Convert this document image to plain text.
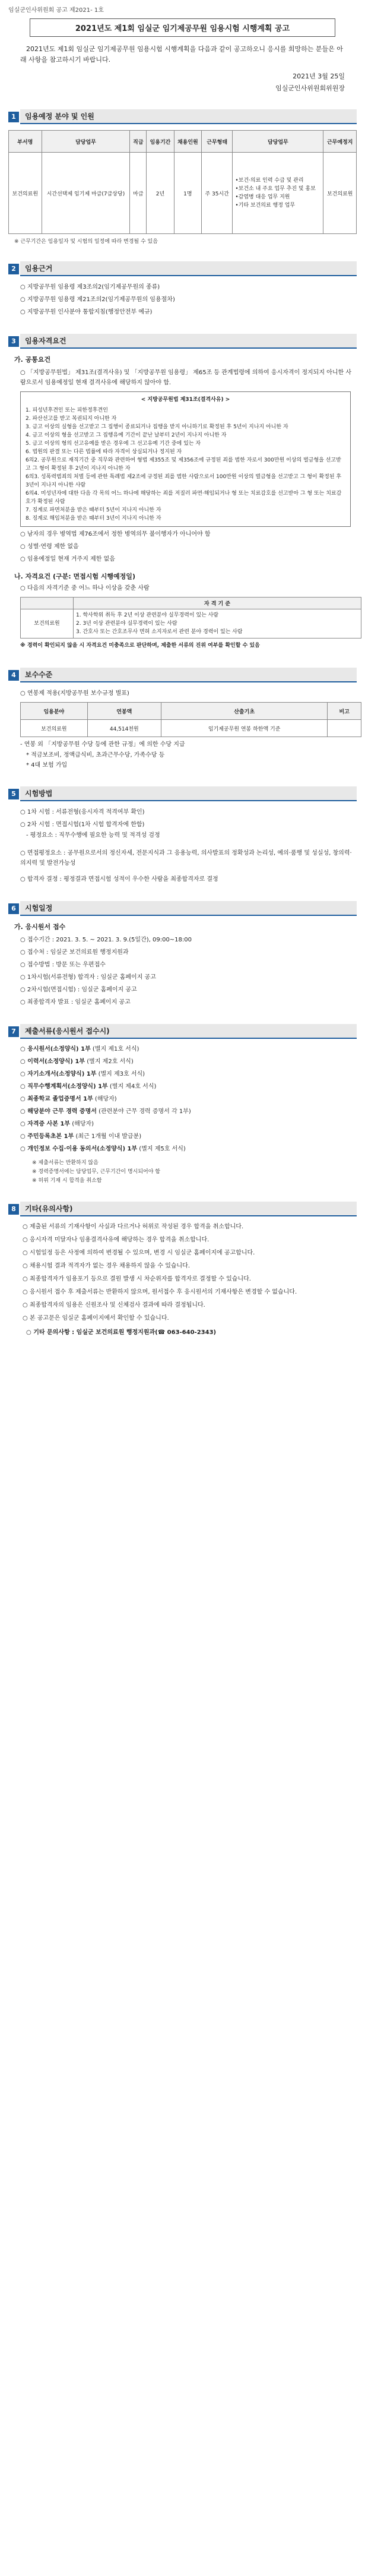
임실군인사위원회 공고 제2021- 1호
2021년도 제1회 임실군 임기제공무원 임용시험 시행계획 공고
2021년도 제1회 임실군 임기제공무원 임용시험 시행계획을 다음과 같이 공고하오니 응시를 희망하는 분들은 아래 사항을 참고하시기 바랍니다.
2021년 3월 25일
임실군인사위원회위원장
1	임용예정 분야 및 인원
부서명	담당업무	직급	임용기간	채용인원	근무형태	담당업무	근무예정지
보건의료원	시간선택제 임기제 마급(7급상당)	마급	2년	1명	주 35시간	•보건·의료 인력 수급 및 관리
•보건소 내 주요 업무 추진 및 홍보
•감염병 대응 업무 지원
•기타 보건의료 행정 업무	보건의료원
※ 근무기간은 임용일자 및 시험의 일정에 따라 변경될 수 있음
2	임용근거
○ 지방공무원 임용령 제3조의2(임기제공무원의 종류)
○ 지방공무원 임용령 제21조의2(임기제공무원의 임용절차)
○ 지방공무원 인사분야 통합지침(행정안전부 예규)
3	임용자격요건
가. 공통요건
○ 「지방공무원법」 제31조(결격사유) 및 「지방공무원 임용령」 제65조 등 관계법령에 의하여 응시자격이 정지되지 아니한 사람으로서 임용예정일 현재 결격사유에 해당하지 않아야 함.
< 지방공무원법 제31조(결격사유) >
1. 피성년후견인 또는 피한정후견인
2. 파산선고를 받고 복권되지 아니한 자
3. 금고 이상의 실형을 선고받고 그 집행이 종료되거나 집행을 받지 아니하기로 확정된 후 5년이 지나지 아니한 자
4. 금고 이상의 형을 선고받고 그 집행유예 기간이 끝난 날부터 2년이 지나지 아니한 자
5. 금고 이상의 형의 선고유예를 받은 경우에 그 선고유예 기간 중에 있는 자
6. 법원의 판결 또는 다른 법률에 따라 자격이 상실되거나 정지된 자
6의2. 공무원으로 재직기간 중 직무와 관련하여 형법 제355조 및 제356조에 규정된 죄를 범한 자로서 300만원 이상의 벌금형을 선고받고 그 형이 확정된 후 2년이 지나지 아니한 자
6의3. 성폭력범죄의 처벌 등에 관한 특례법 제2조에 규정된 죄를 범한 사람으로서 100만원 이상의 벌금형을 선고받고 그 형이 확정된 후 3년이 지나지 아니한 사람
6의4. 미성년자에 대한 다음 각 목의 어느 하나에 해당하는 죄를 저질러 파면·해임되거나 형 또는 치료감호를 선고받아 그 형 또는 치료감호가 확정된 사람
7. 징계로 파면처분을 받은 때부터 5년이 지나지 아니한 자
8. 징계로 해임처분을 받은 때부터 3년이 지나지 아니한 자
○ 남자의 경우 병역법 제76조에서 정한 병역의무 불이행자가 아니어야 함
○ 성별·연령 제한 없음
○ 임용예정일 현재 거주지 제한 없음
나. 자격요건 (구분: 면접시험 시행예정일)
○ 다음의 자격기준 중 어느 하나 이상을 갖춘 사람
	자 격 기 준
보건의료원	1. 학사학위 취득 후 2년 이상 관련분야 실무경력이 있는 사람
2. 3년 이상 관련분야 실무경력이 있는 사람
3. 간호사 또는 간호조무사 면허 소지자로서 관련 분야 경력이 있는 사람
※ 경력이 확인되지 않을 시 자격요건 미충족으로 판단하며, 제출한 서류의 진위 여부를 확인할 수 있음
4	보수수준
○ 연봉제 적용(지방공무원 보수규정 별표)
임용분야	연봉액	산출기초	비고
보건의료원	44,514천원	임기제공무원 연봉 하한액 기준	
- 연봉 외 「지방공무원 수당 등에 관한 규정」에 의한 수당 지급
* 적금보조비, 정액급식비, 초과근무수당, 가족수당 등
* 4대 보험 가입
5	시험방법
○ 1차 시험 : 서류전형(응시자격 적격여부 확인)
○ 2차 시험 : 면접시험(1차 시험 합격자에 한함)
- 평정요소 : 직무수행에 필요한 능력 및 적격성 검정
○ 면접평정요소 : 공무원으로서의 정신자세, 전문지식과 그 응용능력, 의사발표의 정확성과 논리성, 예의·품행 및 성실성, 창의력·의지력 및 발전가능성
○ 합격자 결정 : 평정결과 면접시험 성적이 우수한 사람을 최종합격자로 결정
6	시험일정
가. 응시원서 접수
○ 접수기간 : 2021. 3. 5. ~ 2021. 3. 9.(5일간), 09:00~18:00
○ 접수처 : 임실군 보건의료원 행정지원과
○ 접수방법 : 방문 또는 우편접수
○ 1차시험(서류전형) 합격자 : 임실군 홈페이지 공고
○ 2차시험(면접시험) : 임실군 홈페이지 공고
○ 최종합격자 발표 : 임실군 홈페이지 공고
7	제출서류(응시원서 접수시)
○ 응시원서(소정양식) 1부 (별지 제1호 서식)
○ 이력서(소정양식) 1부 (별지 제2호 서식)
○ 자기소개서(소정양식) 1부 (별지 제3호 서식)
○ 직무수행계획서(소정양식) 1부 (별지 제4호 서식)
○ 최종학교 졸업증명서 1부 (해당자)
○ 해당분야 근무 경력 증명서 (관련분야 근무 경력 증명서 각 1부)
○ 자격증 사본 1부 (해당자)
○ 주민등록초본 1부 (최근 1개월 이내 발급분)
○ 개인정보 수집·이용 동의서(소정양식) 1부 (별지 제5호 서식)
※ 제출서류는 반환하지 않음
※ 경력증명서에는 담당업무, 근무기간이 명시되어야 함
※ 허위 기재 시 합격을 취소함
8	기타(유의사항)
○ 제출된 서류의 기재사항이 사실과 다르거나 허위로 작성된 경우 합격을 취소합니다.
○ 응시자격 미달자나 임용결격사유에 해당하는 경우 합격을 취소합니다.
○ 시험일정 등은 사정에 의하여 변경될 수 있으며, 변경 시 임실군 홈페이지에 공고합니다.
○ 채용시험 결과 적격자가 없는 경우 채용하지 않을 수 있습니다.
○ 최종합격자가 임용포기 등으로 결원 발생 시 차순위자를 합격자로 결정할 수 있습니다.
○ 응시원서 접수 후 제출서류는 반환하지 않으며, 원서접수 후 응시원서의 기재사항은 변경할 수 없습니다.
○ 최종합격자의 임용은 신원조사 및 신체검사 결과에 따라 결정됩니다.
○ 본 공고문은 임실군 홈페이지에서 확인할 수 있습니다.
○ 기타 문의사항 : 임실군 보건의료원 행정지원과(☎ 063-640-2343)
